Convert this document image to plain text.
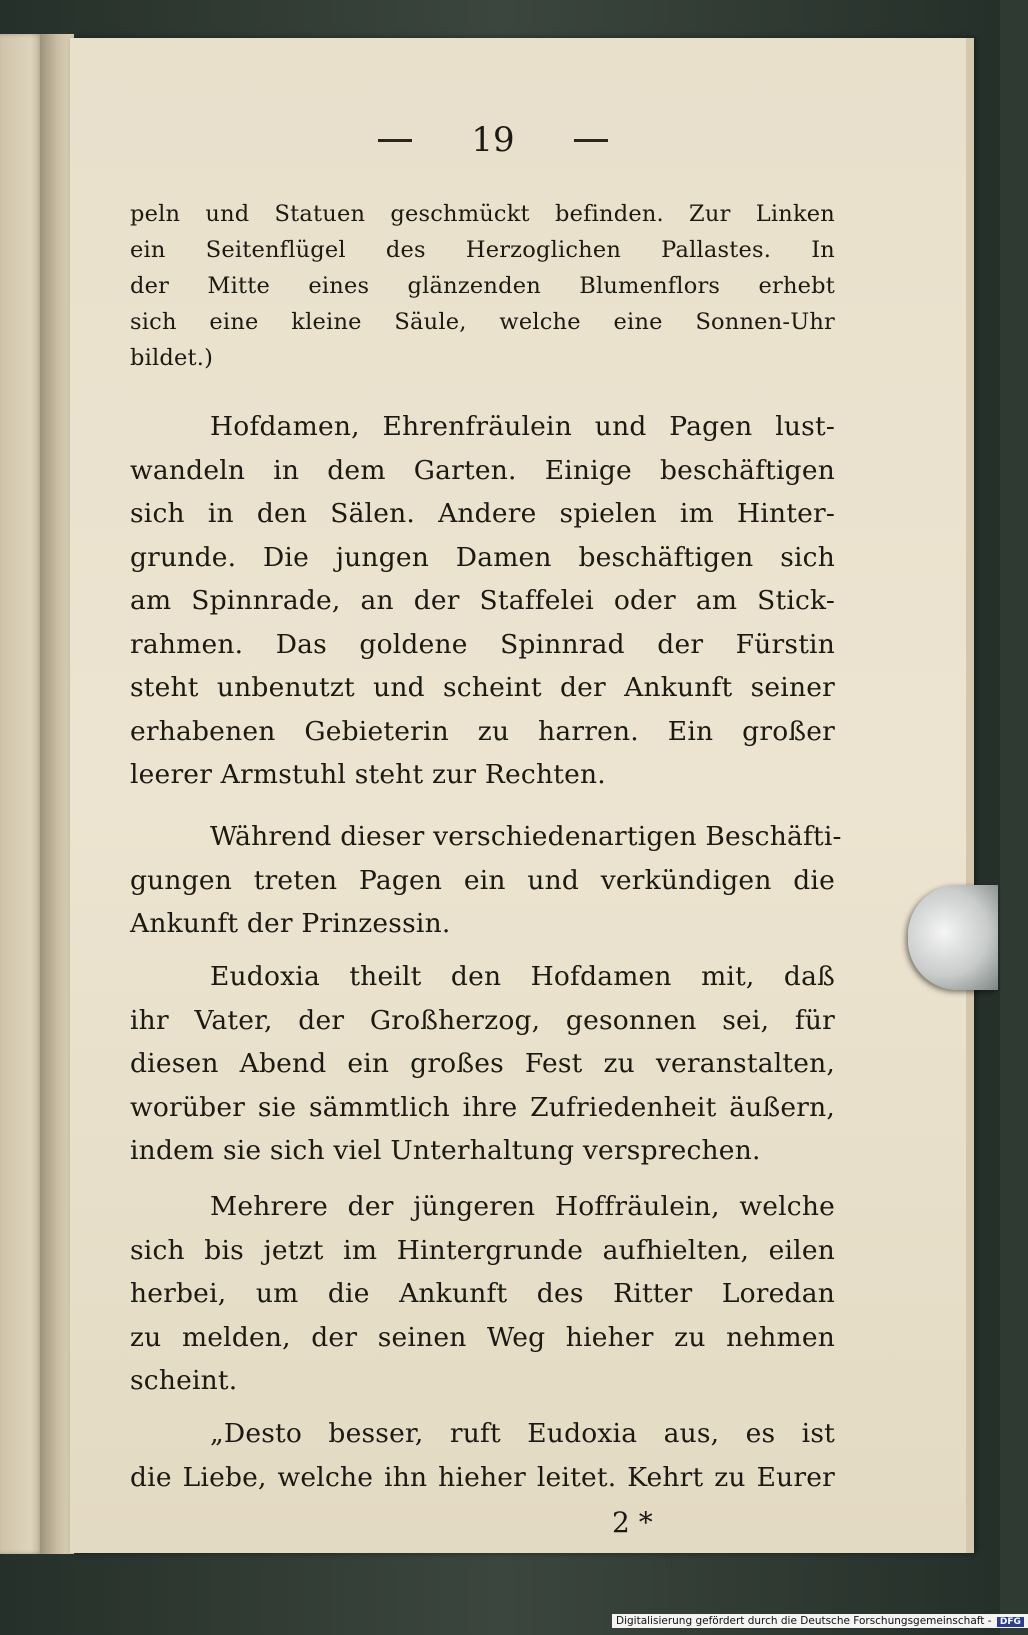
19

peln und Statuen geschmückt befinden. Zur Linken
ein Seitenflügel des Herzoglichen Pallastes. In
der Mitte eines glänzenden Blumenflors erhebt
sich eine kleine Säule, welche eine Sonnen-Uhr
bildet.)

Hofdamen, Ehrenfräulein und Pagen lust-
wandeln in dem Garten. Einige beschäftigen
sich in den Sälen. Andere spielen im Hinter-
grunde. Die jungen Damen beschäftigen sich
am Spinnrade, an der Staffelei oder am Stick-
rahmen. Das goldene Spinnrad der Fürstin
steht unbenutzt und scheint der Ankunft seiner
erhabenen Gebieterin zu harren. Ein großer
leerer Armstuhl steht zur Rechten.

Während dieser verschiedenartigen Beschäfti-
gungen treten Pagen ein und verkündigen die
Ankunft der Prinzessin.

Eudoxia theilt den Hofdamen mit, daß
ihr Vater, der Großherzog, gesonnen sei, für
diesen Abend ein großes Fest zu veranstalten,
worüber sie sämmtlich ihre Zufriedenheit äußern,
indem sie sich viel Unterhaltung versprechen.

Mehrere der jüngeren Hoffräulein, welche
sich bis jetzt im Hintergrunde aufhielten, eilen
herbei, um die Ankunft des Ritter Loredan
zu melden, der seinen Weg hieher zu nehmen
scheint.

„Desto besser, ruft Eudoxia aus, es ist
die Liebe, welche ihn hieher leitet. Kehrt zu Eurer

2 *
Digitalisierung gefördert durch die Deutsche Forschungsgemeinschaft - DFG
